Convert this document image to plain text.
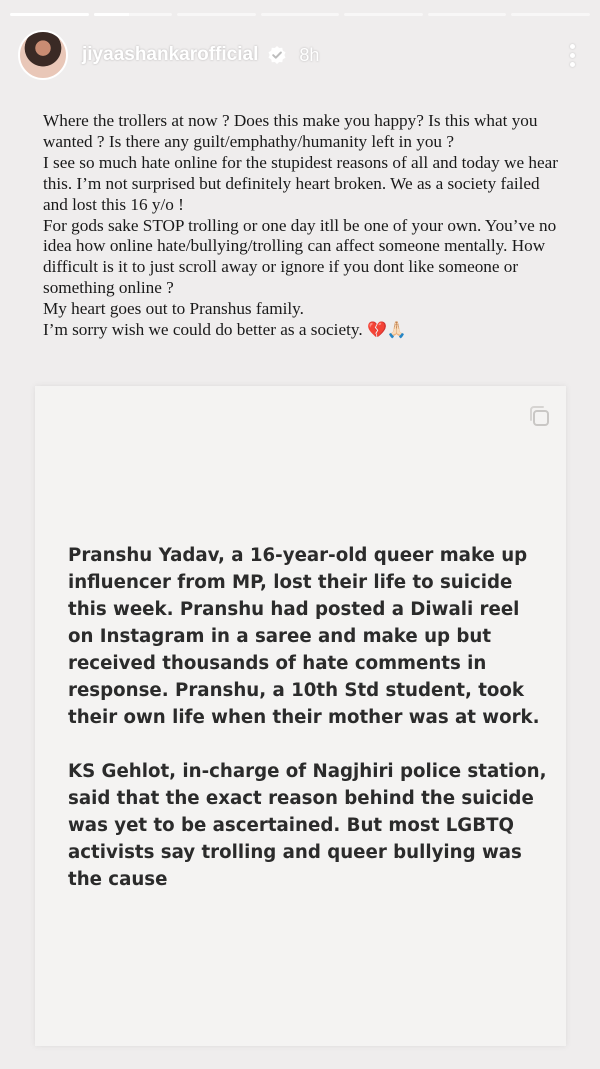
jiyaashankarofficial 8h

Where the trollers at now ? Does this make you happy? Is this what you wanted ? Is there any guilt/emphathy/humanity left in you ?

I see so much hate online for the stupidest reasons of all and today we hear this. I’m not surprised but definitely heart broken. We as a society failed and lost this 16 y/o !

For gods sake STOP trolling or one day itll be one of your own. You’ve no idea how online hate/bullying/trolling can affect someone mentally. How difficult is it to just scroll away or ignore if you dont like someone or something online ?

My heart goes out to Pranshus family.

I’m sorry wish we could do better as a society. 💔🙏🏻

Pranshu Yadav, a 16-year-old queer make up influencer from MP, lost their life to suicide this week. Pranshu had posted a Diwali reel on Instagram in a saree and make up but received thousands of hate comments in response. Pranshu, a 10th Std student, took their own life when their mother was at work.

KS Gehlot, in-charge of Nagjhiri police station, said that the exact reason behind the suicide was yet to be ascertained. But most LGBTQ activists say trolling and queer bullying was the cause
